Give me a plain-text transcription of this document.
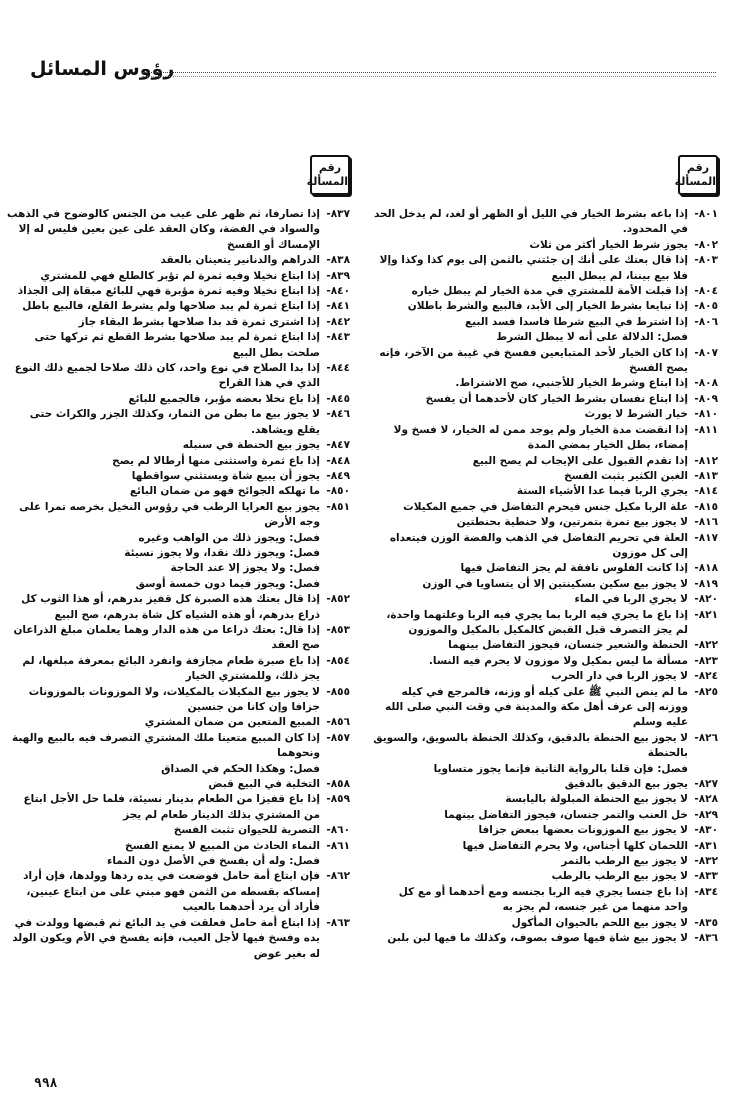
رؤوس المسائل
رقم المسألة
٨٠١-
إذا باعه بشرط الخيار في الليل أو الظهر أو لغد، لم يدخل الحد في المحدود.
٨٠٢-
يجوز شرط الخيار أكثر من ثلاث
٨٠٣-
إذا قال بعتك على أنك إن جئتني بالثمن إلى يوم كذا وكذا وإلا فلا بيع بيننا، لم يبطل البيع
٨٠٤-
إذا قبلت الأمة للمشتري في مدة الخيار لم يبطل خياره
٨٠٥-
إذا تبايعا بشرط الخيار إلى الأبد، فالبيع والشرط باطلان
٨٠٦-
إذا اشترط في البيع شرطا فاسدا فسد البيع
فصل: الدلالة على أنه لا يبطل الشرط
٨٠٧-
إذا كان الخيار لأحد المتبايعين ففسخ في غيبة من الآخر، فإنه يصح الفسخ
٨٠٨-
إذا ابتاع وشرط الخيار للأجنبي، صح الاشتراط.
٨٠٩-
إذا ابتاع نفسان بشرط الخيار كان لأحدهما أن يفسخ
٨١٠-
خيار الشرط لا يورث
٨١١-
إذا انقضت مدة الخيار ولم يوجد ممن له الخيار، لا فسخ ولا إمضاء، بطل الخيار بمضي المدة
٨١٢-
إذا تقدم القبول على الإيجاب لم يصح البيع
٨١٣-
الغبن الكثير يثبت الفسخ
٨١٤-
يجري الربا فيما عدا الأشياء الستة
٨١٥-
علة الربا مكيل جنس فيحرم التفاضل في جميع المكيلات
٨١٦-
لا يجوز بيع تمرة بتمرتين، ولا حنطية بحنطتين
٨١٧-
العلة في تحريم التفاضل في الذهب والفضة الوزن فيتعداه إلى كل موزون
٨١٨-
إذا كانت الفلوس نافقة لم يجز التفاضل فيها
٨١٩-
لا يجوز بيع سكين بسكينتين إلا أن يتساويا في الوزن
٨٢٠-
لا يجري الربا في الماء
٨٢١-
إذا باع ما يجري فيه الربا بما يجري فيه الربا وعلتهما واحدة، لم يجز التصرف قبل القبض كالمكيل بالمكيل والموزون
٨٢٢-
الحنطة والشعير جنسان، فيجوز التفاضل بينهما
٨٢٣-
مسألة ما ليس بمكيل ولا موزون لا يحرم فيه النسا.
٨٢٤-
لا يجوز الربا في دار الحرب
٨٢٥-
ما لم ينص النبي ﷺ على كيله أو وزنه، فالمرجع في كيله ووزنه إلى عرف أهل مكة والمدينة في وقت النبي صلى الله عليه وسلم
٨٢٦-
لا يجوز بيع الحنطة بالدقيق، وكذلك الحنطة بالسويق، والسويق بالحنطة
فصل: فإن قلنا بالرواية الثانية فإنما يجوز متساويا
٨٢٧-
يجوز بيع الدقيق بالدقيق
٨٢٨-
لا يجوز بيع الحنطة المبلولة باليابسة
٨٢٩-
خل العنب والتمر جنسان، فيجوز التفاضل بينهما
٨٣٠-
لا يجوز بيع الموزونات بعضها ببعض جزافا
٨٣١-
اللحمان كلها أجناس، ولا يحرم التفاضل فيها
٨٣٢-
لا يجوز بيع الرطب بالتمر
٨٣٣-
لا يجوز بيع الرطب بالرطب
٨٣٤-
إذا باع جنسا يجري فيه الربا بجنسه ومع أحدهما أو مع كل واحد منهما من غير جنسه، لم يجز به
٨٣٥-
لا يجوز بيع اللحم بالحيوان المأكول
٨٣٦-
لا يجوز بيع شاة فيها صوف بصوف، وكذلك ما فيها لبن بلبن
رقم المسألة
٨٣٧-
إذا تصارفا، ثم ظهر على عيب من الجنس كالوضوح في الذهب والسواد في الفضة، وكان العقد على عين بعين فليس له إلا الإمساك أو الفسخ
٨٣٨-
الدراهم والدنانير يتعينان بالعقد
٨٣٩-
إذا ابتاع نخيلا وفيه ثمرة لم تؤبر كالطلع فهي للمشتري
٨٤٠-
إذا ابتاع نخيلا وفيه ثمرة مؤبرة فهي للبائع مبقاة إلى الجذاذ
٨٤١-
إذا ابتاع ثمرة لم يبد صلاحها ولم يشرط القلع، فالبيع باطل
٨٤٢-
إذا اشترى ثمرة قد بدا صلاحها بشرط البقاء جاز
٨٤٣-
إذا ابتاع ثمرة لم يبد صلاحها بشرط القطع ثم تركها حتى صلحت بطل البيع
٨٤٤-
إذا بدا الصلاح في نوع واحد، كان ذلك صلاحا لجميع ذلك النوع الذي في هذا القراح
٨٤٥-
إذا باع نخلا بعضه مؤبر، فالجميع للبائع
٨٤٦-
لا يجوز بيع ما بطن من الثمار، وكذلك الجزر والكراث حتى يقلع ويشاهد.
٨٤٧-
يجوز بيع الحنطة في سنبله
٨٤٨-
إذا باع ثمرة واستثنى منها أرطالا لم يصح
٨٤٩-
يجوز أن يبيع شاة ويستثني سواقطها
٨٥٠-
ما تهلكه الجوائح فهو من ضمان البائع
٨٥١-
يجوز بيع العرايا الرطب في رؤوس النخيل بخرصه تمرا على وجه الأرض
فصل: ويجوز ذلك من الواهب وغيره
فصل: ويجوز ذلك نقدا، ولا يجوز نسيئة
فصل: ولا يجوز إلا عند الحاجة
فصل: ويجوز فيما دون خمسة أوسق
٨٥٢-
إذا قال بعتك هذه الصبرة كل قفيز بدرهم، أو هذا الثوب كل ذراع بدرهم، أو هذه الشياه كل شاة بدرهم، صح البيع
٨٥٣-
إذا قال: بعتك ذراعا من هذه الدار وهما يعلمان مبلغ الذراعان صح العقد
٨٥٤-
إذا باع صبرة طعام مجازفة وانفرد البائع بمعرفة مبلغها، لم يجز ذلك، وللمشتري الخيار
٨٥٥-
لا يجوز بيع المكيلات بالمكيلات، ولا الموزونات بالموزونات جزافا وإن كانا من جنسين
٨٥٦-
المبيع المتعين من ضمان المشتري
٨٥٧-
إذا كان المبيع متعينا ملك المشتري التصرف فيه بالبيع والهبة ونحوهما
فصل: وهكذا الحكم في الصداق
٨٥٨-
التخلية في البيع قبض
٨٥٩-
إذا باع قفيزا من الطعام بدينار نسيئة، فلما حل الأجل ابتاع من المشتري بذلك الدينار طعام لم يجز
٨٦٠-
التصرية للحيوان تثبت الفسخ
٨٦١-
النماء الحادث من المبيع لا يمنع الفسخ
فصل: وله أن يفسخ في الأصل دون النماء
٨٦٢-
فإن ابتاع أمة حامل فوضعت في يده ردها وولدها، فإن أراد إمساكه بقسطه من الثمن فهو مبني على من ابتاع عينين، فأراد أن يرد أحدهما بالعيب
٨٦٣-
إذا ابتاع أمة حامل فعلقت في يد البائع ثم قبضها وولدت في يده وفسخ فيها لأجل العيب، فإنه يفسخ في الأم ويكون الولد له بغير عوض
٩٩٨
